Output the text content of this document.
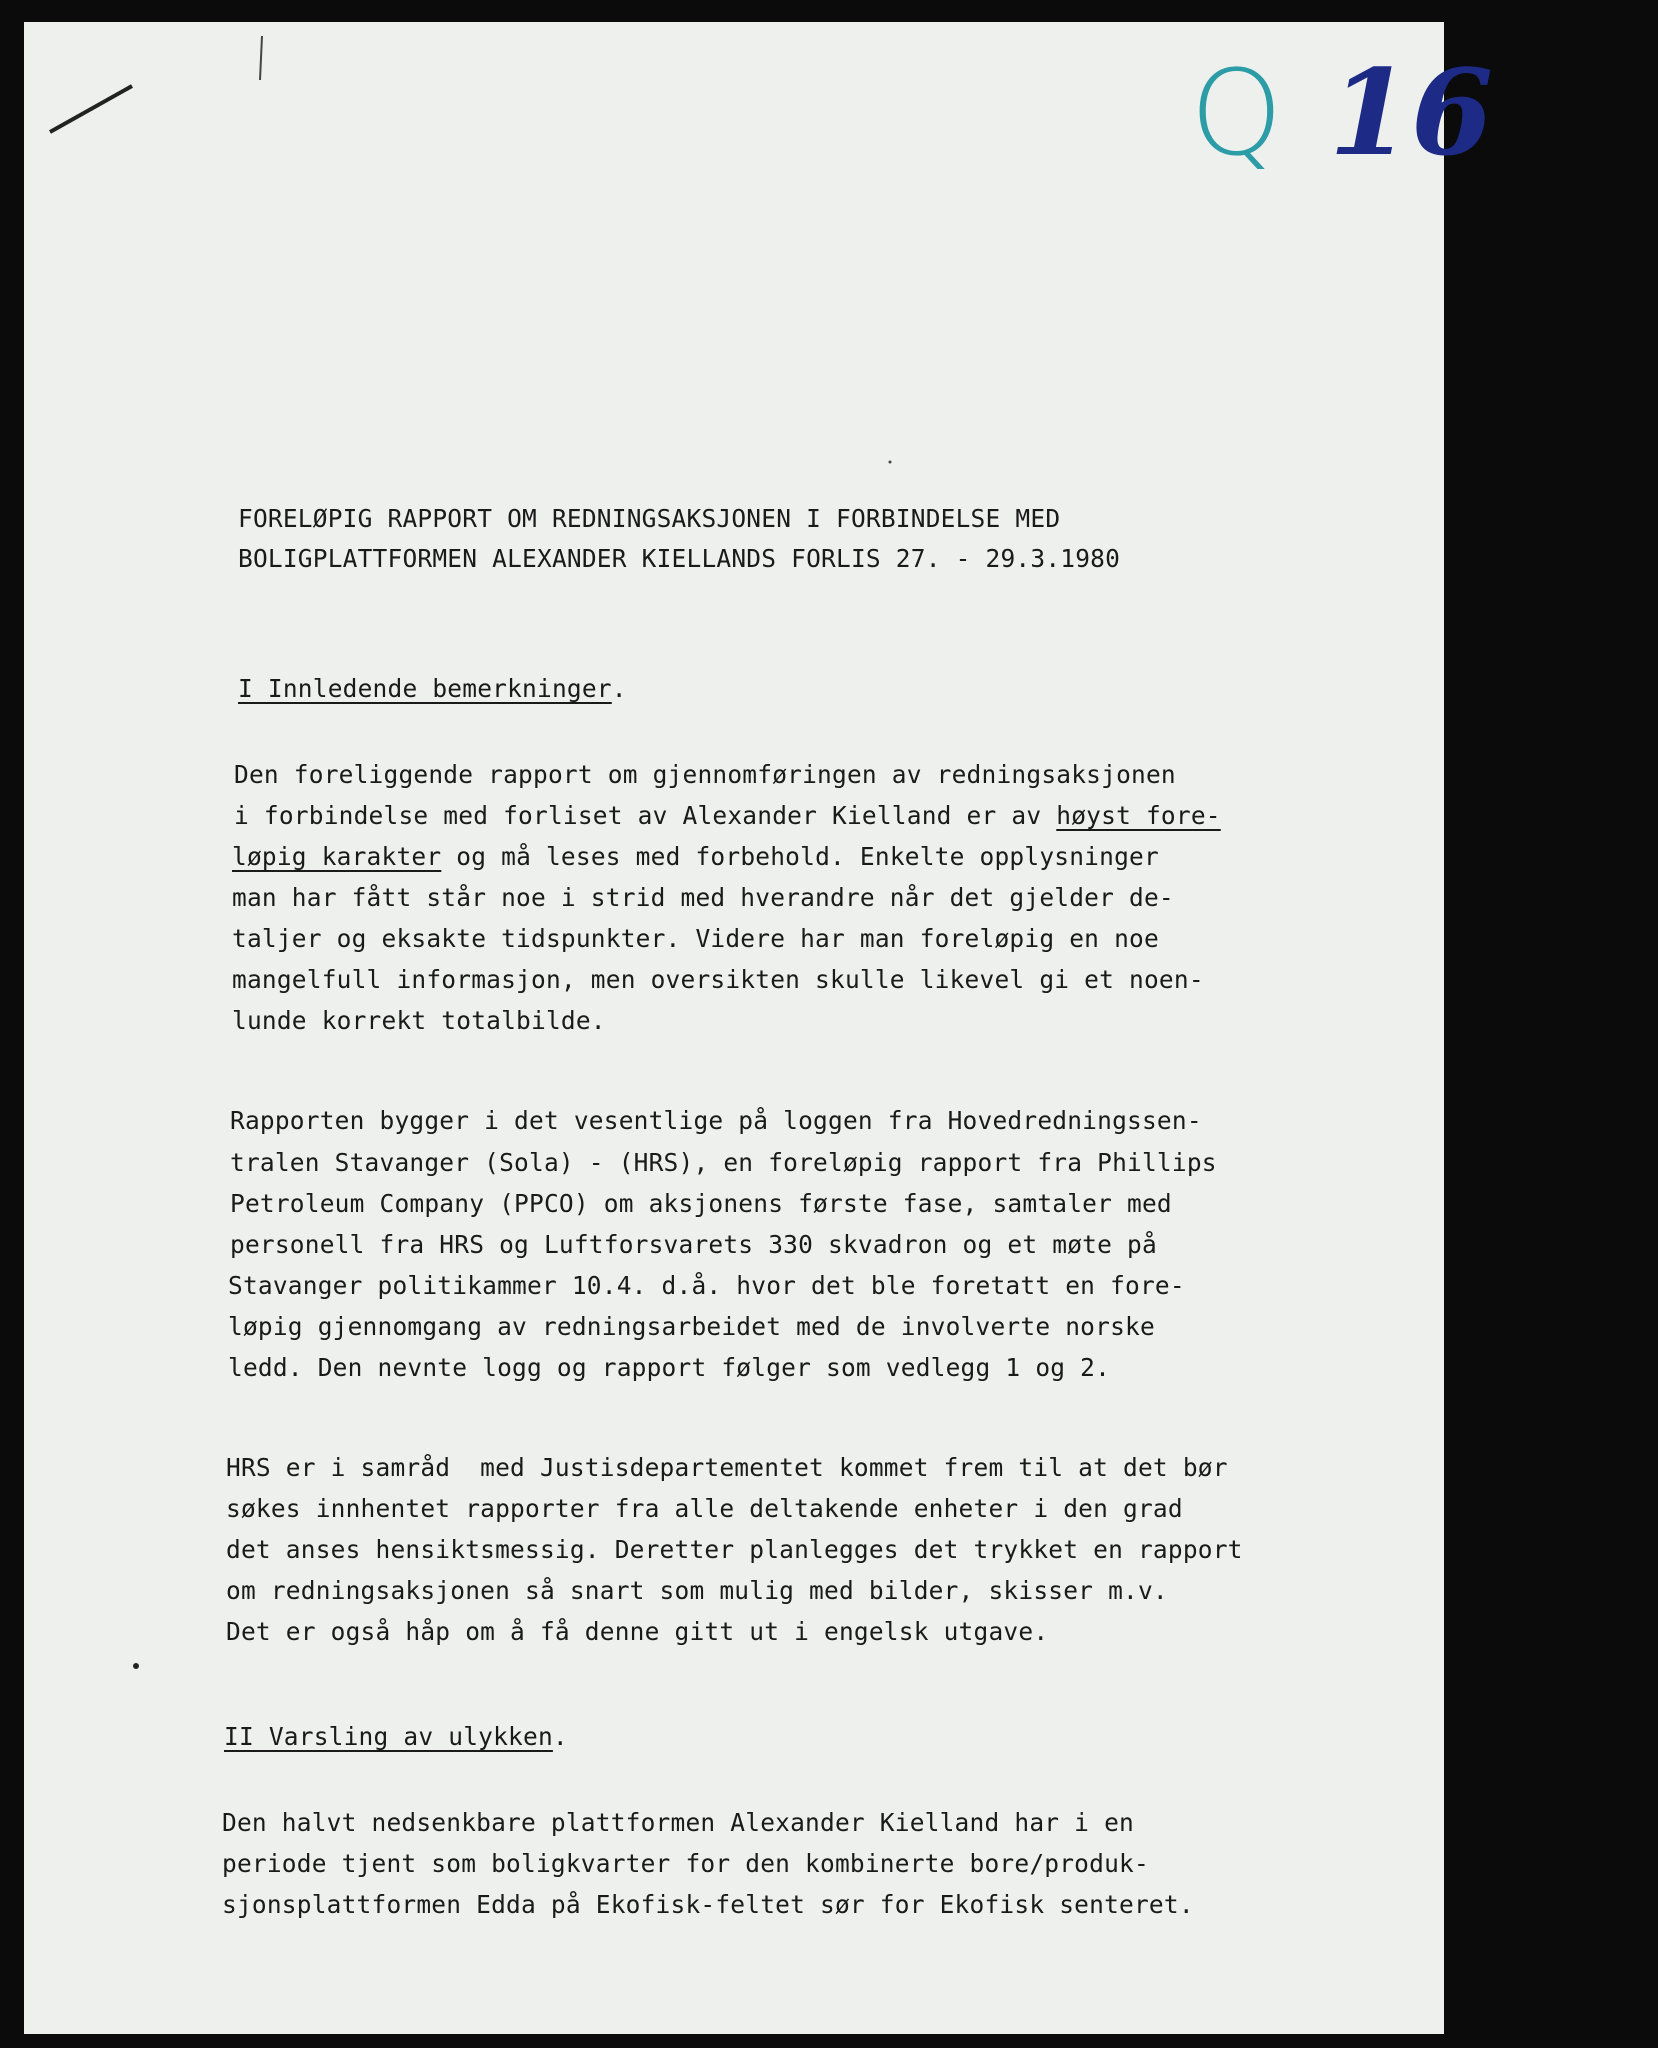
Q 16
FORELØPIG RAPPORT OM REDNINGSAKSJONEN I FORBINDELSE MED
BOLIGPLATTFORMEN ALEXANDER KIELLANDS FORLIS 27. - 29.3.1980
I Innledende bemerkninger.
Den foreliggende rapport om gjennomføringen av redningsaksjonen
i forbindelse med forliset av Alexander Kielland er av høyst fore-
løpig karakter og må leses med forbehold. Enkelte opplysninger
man har fått står noe i strid med hverandre når det gjelder de-
taljer og eksakte tidspunkter. Videre har man foreløpig en noe
mangelfull informasjon, men oversikten skulle likevel gi et noen-
lunde korrekt totalbilde.
Rapporten bygger i det vesentlige på loggen fra Hovedredningssen-
tralen Stavanger (Sola) - (HRS), en foreløpig rapport fra Phillips
Petroleum Company (PPCO) om aksjonens første fase, samtaler med
personell fra HRS og Luftforsvarets 330 skvadron og et møte på
Stavanger politikammer 10.4. d.å. hvor det ble foretatt en fore-
løpig gjennomgang av redningsarbeidet med de involverte norske
ledd. Den nevnte logg og rapport følger som vedlegg 1 og 2.
HRS er i samråd  med Justisdepartementet kommet frem til at det bør
søkes innhentet rapporter fra alle deltakende enheter i den grad
det anses hensiktsmessig. Deretter planlegges det trykket en rapport
om redningsaksjonen så snart som mulig med bilder, skisser m.v.
Det er også håp om å få denne gitt ut i engelsk utgave.
II Varsling av ulykken.
Den halvt nedsenkbare plattformen Alexander Kielland har i en
periode tjent som boligkvarter for den kombinerte bore/produk-
sjonsplattformen Edda på Ekofisk-feltet sør for Ekofisk senteret.
